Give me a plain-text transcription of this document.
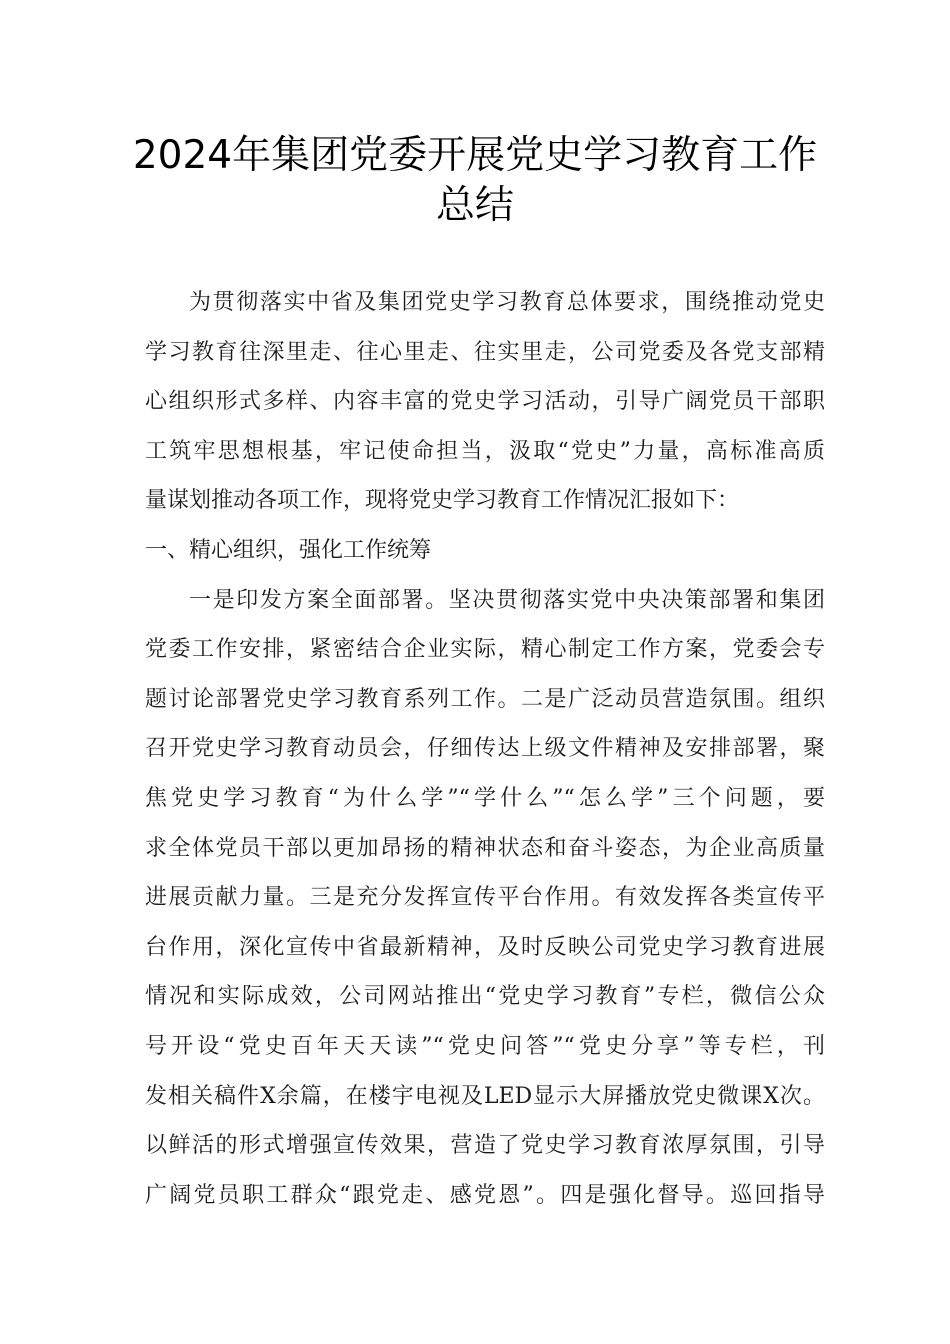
2024年集团党委开展党史学习教育工作
总结
为贯彻落实中省及集团党史学习教育总体要求，围绕推动党史
学习教育往深里走、往心里走、往实里走，公司党委及各党支部精
心组织形式多样、内容丰富的党史学习活动，引导广阔党员干部职
工筑牢思想根基，牢记使命担当，汲取“党史”力量，高标准高质
量谋划推动各项工作，现将党史学习教育工作情况汇报如下：
一、精心组织，强化工作统筹
一是印发方案全面部署。坚决贯彻落实党中央决策部署和集团
党委工作安排，紧密结合企业实际，精心制定工作方案，党委会专
题讨论部署党史学习教育系列工作。二是广泛动员营造氛围。组织
召开党史学习教育动员会，仔细传达上级文件精神及安排部署，聚
焦党史学习教育“为什么学”“学什么”“怎么学”三个问题，要
求全体党员干部以更加昂扬的精神状态和奋斗姿态，为企业高质量
进展贡献力量。三是充分发挥宣传平台作用。有效发挥各类宣传平
台作用，深化宣传中省最新精神，及时反映公司党史学习教育进展
情况和实际成效，公司网站推出“党史学习教育”专栏，微信公众
号开设“党史百年天天读”“党史问答”“党史分享”等专栏，刊
发相关稿件X余篇，在楼宇电视及LED显示大屏播放党史微课X次。
以鲜活的形式增强宣传效果，营造了党史学习教育浓厚氛围，引导
广阔党员职工群众“跟党走、感党恩”。四是强化督导。巡回指导
